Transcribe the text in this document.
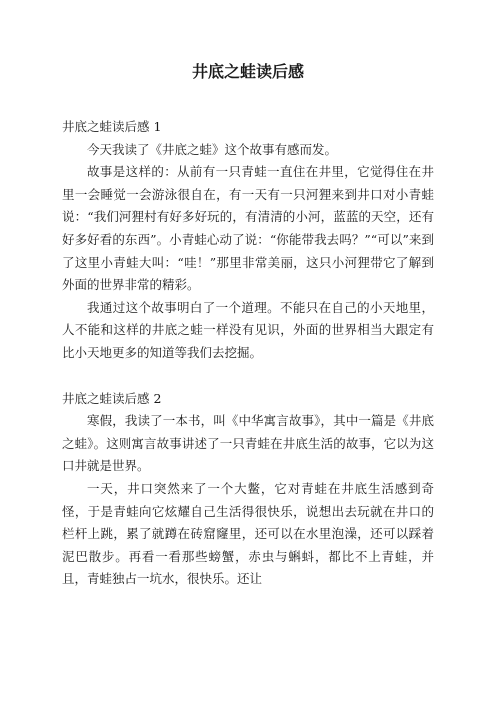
井底之蛙读后感

井底之蛙读后感 1

今天我读了《井底之蛙》这个故事有感而发。

故事是这样的：从前有一只青蛙一直住在井里，它觉得住在井里一会睡觉一会游泳很自在，有一天有一只河狸来到井口对小青蛙说：“我们河狸村有好多好玩的，有清清的小河，蓝蓝的天空，还有好多好看的东西”。小青蛙心动了说：“你能带我去吗？”“可以”来到了这里小青蛙大叫：“哇！”那里非常美丽，这只小河狸带它了解到外面的世界非常的精彩。

我通过这个故事明白了一个道理。不能只在自己的小天地里，人不能和这样的井底之蛙一样没有见识，外面的世界相当大跟定有比小天地更多的知道等我们去挖掘。

井底之蛙读后感 2

寒假，我读了一本书，叫《中华寓言故事》，其中一篇是《井底之蛙》。这则寓言故事讲述了一只青蛙在井底生活的故事，它以为这口井就是世界。

一天，井口突然来了一个大鳖，它对青蛙在井底生活感到奇怪，于是青蛙向它炫耀自己生活得很快乐，说想出去玩就在井口的栏杆上跳，累了就蹲在砖窟窿里，还可以在水里泡澡，还可以踩着泥巴散步。再看一看那些螃蟹，赤虫与蝌蚪，都比不上青蛙，并且，青蛙独占一坑水，很快乐。还让
